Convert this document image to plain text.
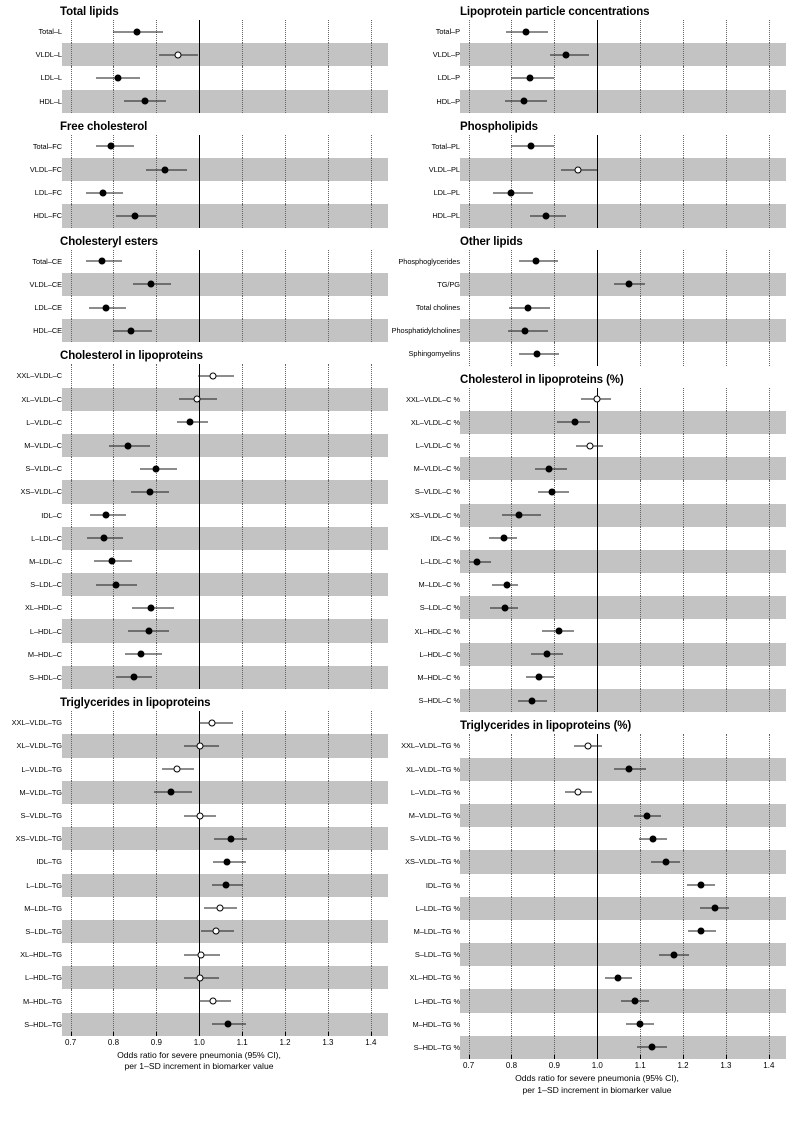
Total lipids
Total–L
VLDL–L
LDL–L
HDL–L
Free cholesterol
Total–FC
VLDL–FC
LDL–FC
HDL–FC
Cholesteryl esters
Total–CE
VLDL–CE
LDL–CE
HDL–CE
Cholesterol in lipoproteins
XXL–VLDL–C
XL–VLDL–C
L–VLDL–C
M–VLDL–C
S–VLDL–C
XS–VLDL–C
IDL–C
L–LDL–C
M–LDL–C
S–LDL–C
XL–HDL–C
L–HDL–C
M–HDL–C
S–HDL–C
Triglycerides in lipoproteins
XXL–VLDL–TG
XL–VLDL–TG
L–VLDL–TG
M–VLDL–TG
S–VLDL–TG
XS–VLDL–TG
IDL–TG
L–LDL–TG
M–LDL–TG
S–LDL–TG
XL–HDL–TG
L–HDL–TG
M–HDL–TG
S–HDL–TG
0.7	0.8	0.9	1.0	1.1	1.2	1.3	1.4
Odds ratio for severe pneumonia (95% CI),
per 1–SD increment in biomarker value
Lipoprotein particle concentrations
Total–P
VLDL–P
LDL–P
HDL–P
Phospholipids
Total–PL
VLDL–PL
LDL–PL
HDL–PL
Other lipids
Phosphoglycerides
TG/PG
Total cholines
Phosphatidylcholines
Sphingomyelins
Cholesterol in lipoproteins (%)
XXL–VLDL–C %
XL–VLDL–C %
L–VLDL–C %
M–VLDL–C %
S–VLDL–C %
XS–VLDL–C %
IDL–C %
L–LDL–C %
M–LDL–C %
S–LDL–C %
XL–HDL–C %
L–HDL–C %
M–HDL–C %
S–HDL–C %
Triglycerides in lipoproteins (%)
XXL–VLDL–TG %
XL–VLDL–TG %
L–VLDL–TG %
M–VLDL–TG %
S–VLDL–TG %
XS–VLDL–TG %
IDL–TG %
L–LDL–TG %
M–LDL–TG %
S–LDL–TG %
XL–HDL–TG %
L–HDL–TG %
M–HDL–TG %
S–HDL–TG %
0.7	0.8	0.9	1.0	1.1	1.2	1.3	1.4
Odds ratio for severe pneumonia (95% CI),
per 1–SD increment in biomarker value
